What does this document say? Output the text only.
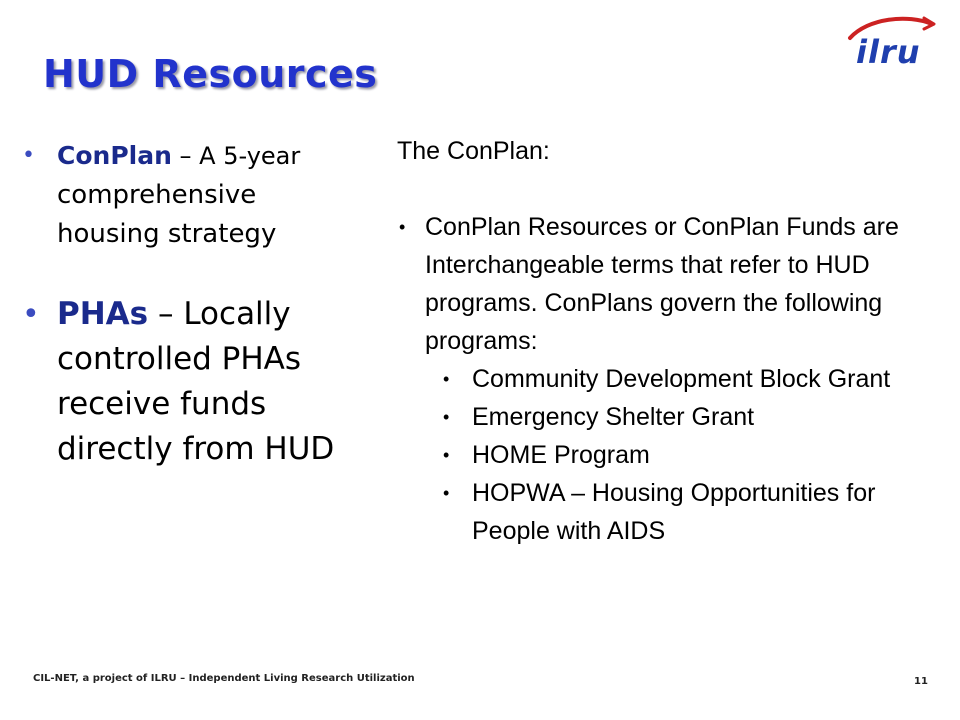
HUD Resources	ilru
• ConPlan – A 5-year
comprehensive housing strategy
• PHAs – Locally controlled PHAs receive funds directly from HUD

The ConPlan:

• ConPlan Resources or ConPlan Funds are Interchangeable terms that refer to HUD programs. ConPlans govern the following programs:
• Community Development Block Grant
• Emergency Shelter Grant
• HOME Program
• HOPWA – Housing Opportunities for People with AIDS
CIL-NET, a project of ILRU – Independent Living Research Utilization	11
